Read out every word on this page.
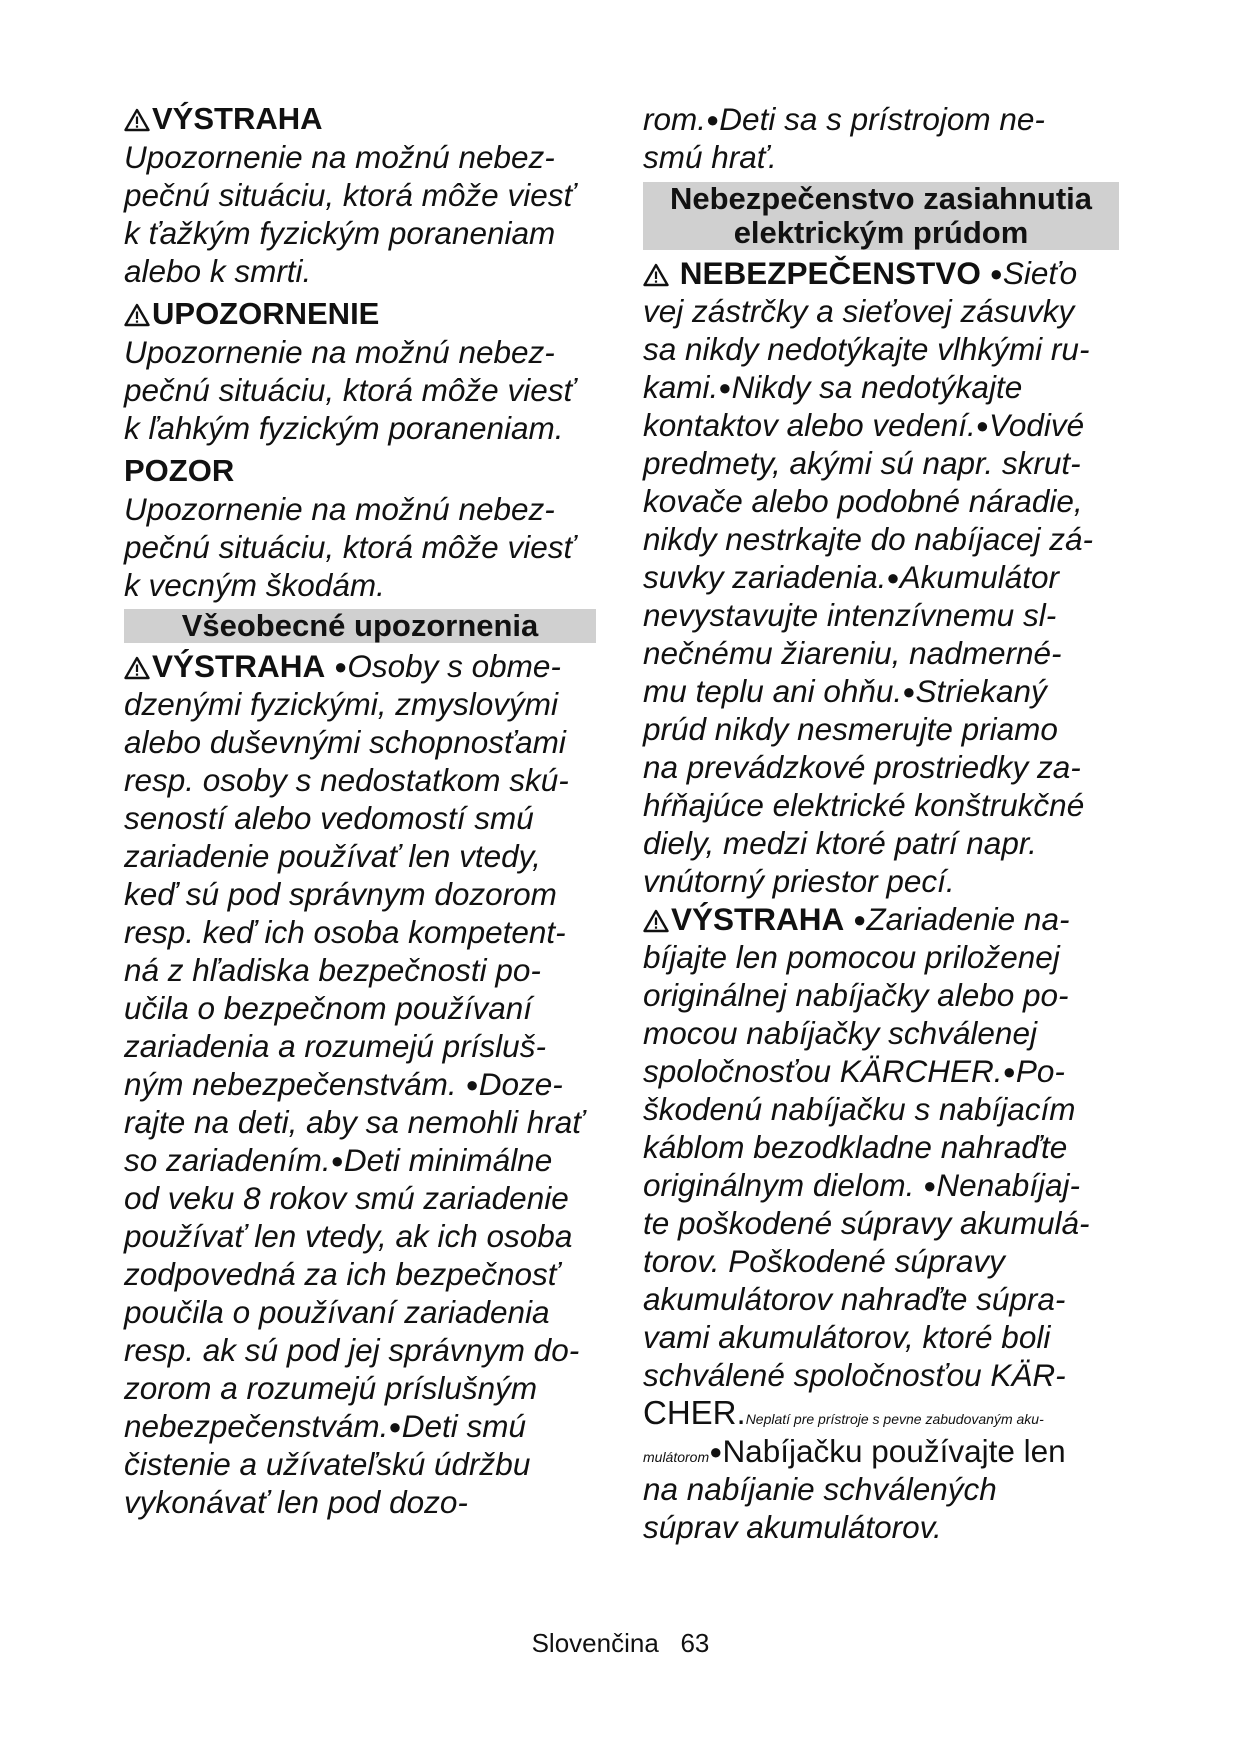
VÝSTRAHA
Upozornenie na možnú nebez-
pečnú situáciu, ktorá môže viesť
k ťažkým fyzickým poraneniam
alebo k smrti.
UPOZORNENIE
Upozornenie na možnú nebez-
pečnú situáciu, ktorá môže viesť
k ľahkým fyzickým poraneniam.
POZOR
Upozornenie na možnú nebez-
pečnú situáciu, ktorá môže viesť
k vecným škodám.
Všeobecné upozornenia
VÝSTRAHA ●Osoby s obme-
dzenými fyzickými, zmyslovými
alebo duševnými schopnosťami
resp. osoby s nedostatkom skú-
seností alebo vedomostí smú
zariadenie používať len vtedy,
keď sú pod správnym dozorom
resp. keď ich osoba kompetent-
ná z hľadiska bezpečnosti po-
učila o bezpečnom používaní
zariadenia a rozumejú prísluš-
ným nebezpečenstvám. ●Doze-
rajte na deti, aby sa nemohli hrať
so zariadením.●Deti minimálne
od veku 8 rokov smú zariadenie
používať len vtedy, ak ich osoba
zodpovedná za ich bezpečnosť
poučila o používaní zariadenia
resp. ak sú pod jej správnym do-
zorom a rozumejú príslušným
nebezpečenstvám.●Deti smú
čistenie a užívateľskú údržbu
vykonávať len pod dozo-
rom.●Deti sa s prístrojom ne-
smú hrať.
Nebezpečenstvo zasiahnutia
elektrickým prúdom
NEBEZPEČENSTVO ●Sieťo
vej zástrčky a sieťovej zásuvky
sa nikdy nedotýkajte vlhkými ru-
kami.●Nikdy sa nedotýkajte
kontaktov alebo vedení.●Vodivé
predmety, akými sú napr. skrut-
kovače alebo podobné náradie,
nikdy nestrkajte do nabíjacej zá-
suvky zariadenia.●Akumulátor
nevystavujte intenzívnemu sl-
nečnému žiareniu, nadmerné-
mu teplu ani ohňu.●Striekaný
prúd nikdy nesmerujte priamo
na prevádzkové prostriedky za-
hŕňajúce elektrické konštrukčné
diely, medzi ktoré patrí napr.
vnútorný priestor pecí.
VÝSTRAHA ●Zariadenie na-
bíjajte len pomocou priloženej
originálnej nabíjačky alebo po-
mocou nabíjačky schválenej
spoločnosťou KÄRCHER.●Po-
škodenú nabíjačku s nabíjacím
káblom bezodkladne nahraďte
originálnym dielom. ●Nenabíjaj-
te poškodené súpravy akumulá-
torov. Poškodené súpravy
akumulátorov nahraďte súpra-
vami akumulátorov, ktoré boli
schválené spoločnosťou KÄR-
CHER.Neplatí pre prístroje s pevne zabudovaným aku-
mulátorom●Nabíjačku používajte len
na nabíjanie schválených
súprav akumulátorov.
Slovenčina 63
